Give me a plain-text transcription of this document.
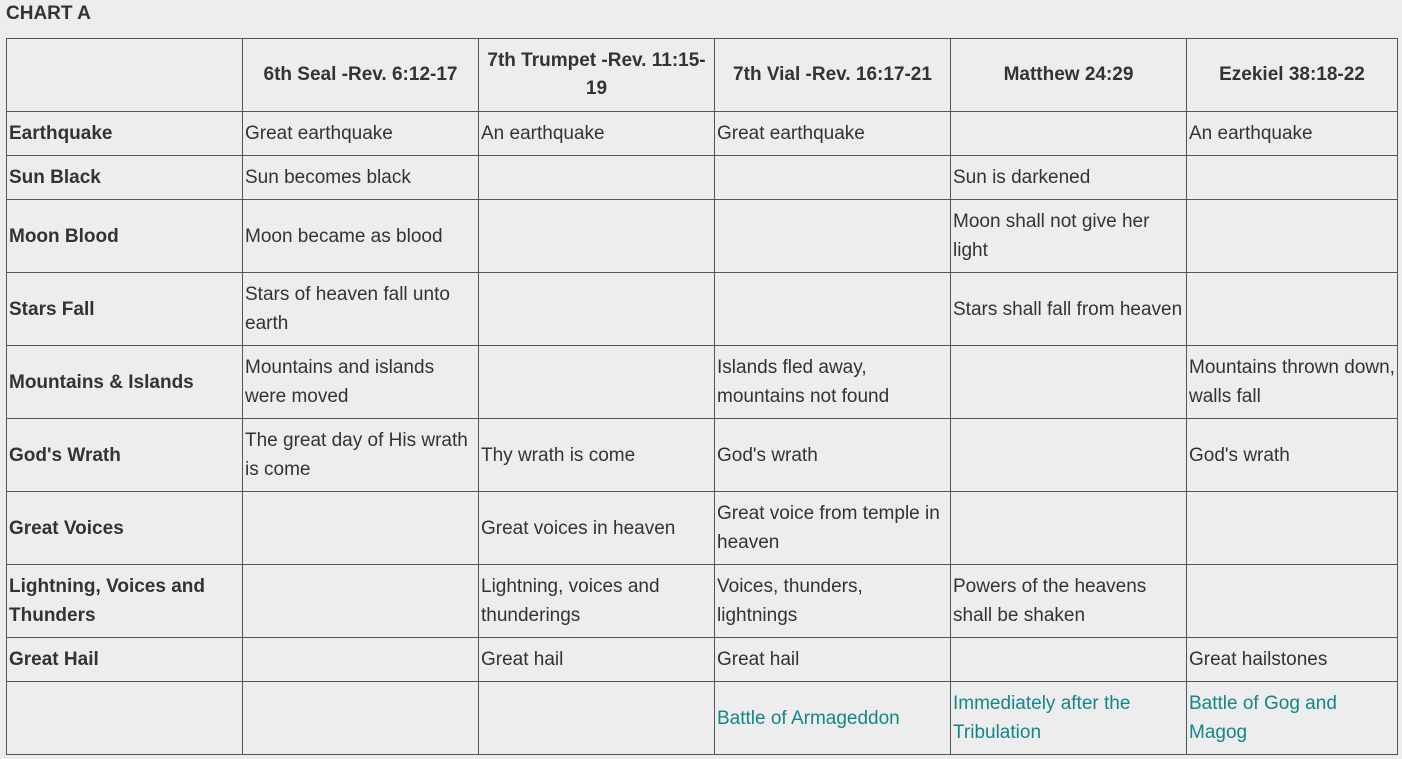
CHART A
	6th Seal -Rev. 6:12-17	7th Trumpet -Rev. 11:15-19	7th Vial -Rev. 16:17-21	Matthew 24:29	Ezekiel 38:18-22
Earthquake	Great earthquake	An earthquake	Great earthquake		An earthquake
Sun Black	Sun becomes black			Sun is darkened	
Moon Blood	Moon became as blood			Moon shall not give her light	
Stars Fall	Stars of heaven fall unto earth			Stars shall fall from heaven	
Mountains & Islands	Mountains and islands were moved		Islands fled away, mountains not found		Mountains thrown down, walls fall
God's Wrath	The great day of His wrath is come	Thy wrath is come	God's wrath		God's wrath
Great Voices		Great voices in heaven	Great voice from temple in heaven		
Lightning, Voices and Thunders		Lightning, voices and thunderings	Voices, thunders, lightnings	Powers of the heavens shall be shaken	
Great Hail		Great hail	Great hail		Great hailstones
			Battle of Armageddon	Immediately after the Tribulation	Battle of Gog and Magog
